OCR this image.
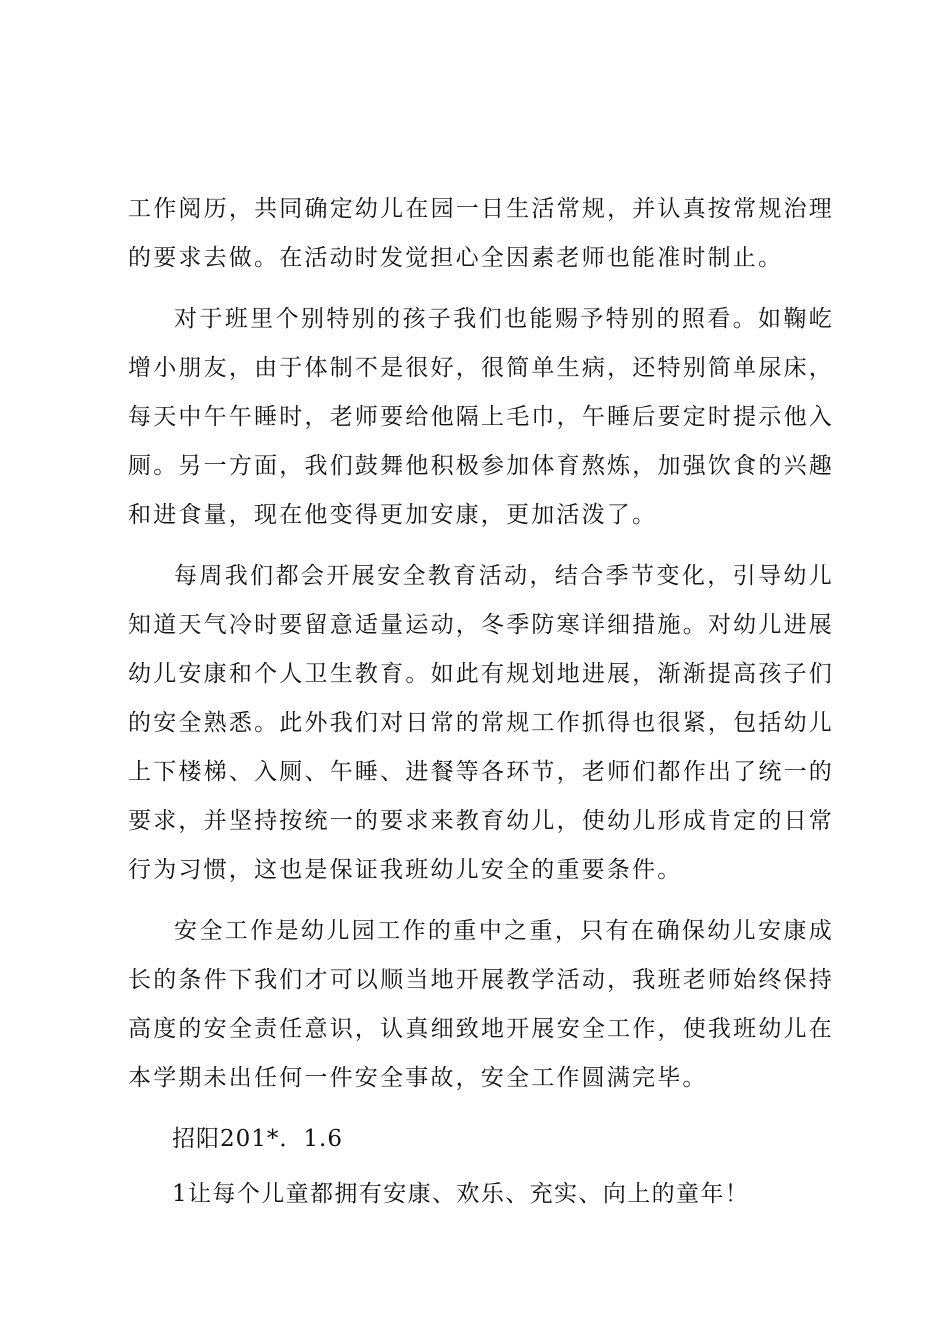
工作阅历，共同确定幼儿在园一日生活常规，并认真按常规治理的要求去做。在活动时发觉担心全因素老师也能准时制止。

对于班里个别特别的孩子我们也能赐予特别的照看。如鞠屹增小朋友，由于体制不是很好，很简单生病，还特别简单尿床，每天中午午睡时，老师要给他隔上毛巾，午睡后要定时提示他入厕。另一方面，我们鼓舞他积极参加体育熬炼，加强饮食的兴趣和进食量，现在他变得更加安康，更加活泼了。

每周我们都会开展安全教育活动，结合季节变化，引导幼儿知道天气冷时要留意适量运动，冬季防寒详细措施。对幼儿进展幼儿安康和个人卫生教育。如此有规划地进展，渐渐提高孩子们的安全熟悉。此外我们对日常的常规工作抓得也很紧，包括幼儿上下楼梯、入厕、午睡、进餐等各环节，老师们都作出了统一的要求，并坚持按统一的要求来教育幼儿，使幼儿形成肯定的日常行为习惯，这也是保证我班幼儿安全的重要条件。

安全工作是幼儿园工作的重中之重，只有在确保幼儿安康成长的条件下我们才可以顺当地开展教学活动，我班老师始终保持高度的安全责任意识，认真细致地开展安全工作，使我班幼儿在本学期未出任何一件安全事故，安全工作圆满完毕。

招阳201*．1.6

1让每个儿童都拥有安康、欢乐、充实、向上的童年！
